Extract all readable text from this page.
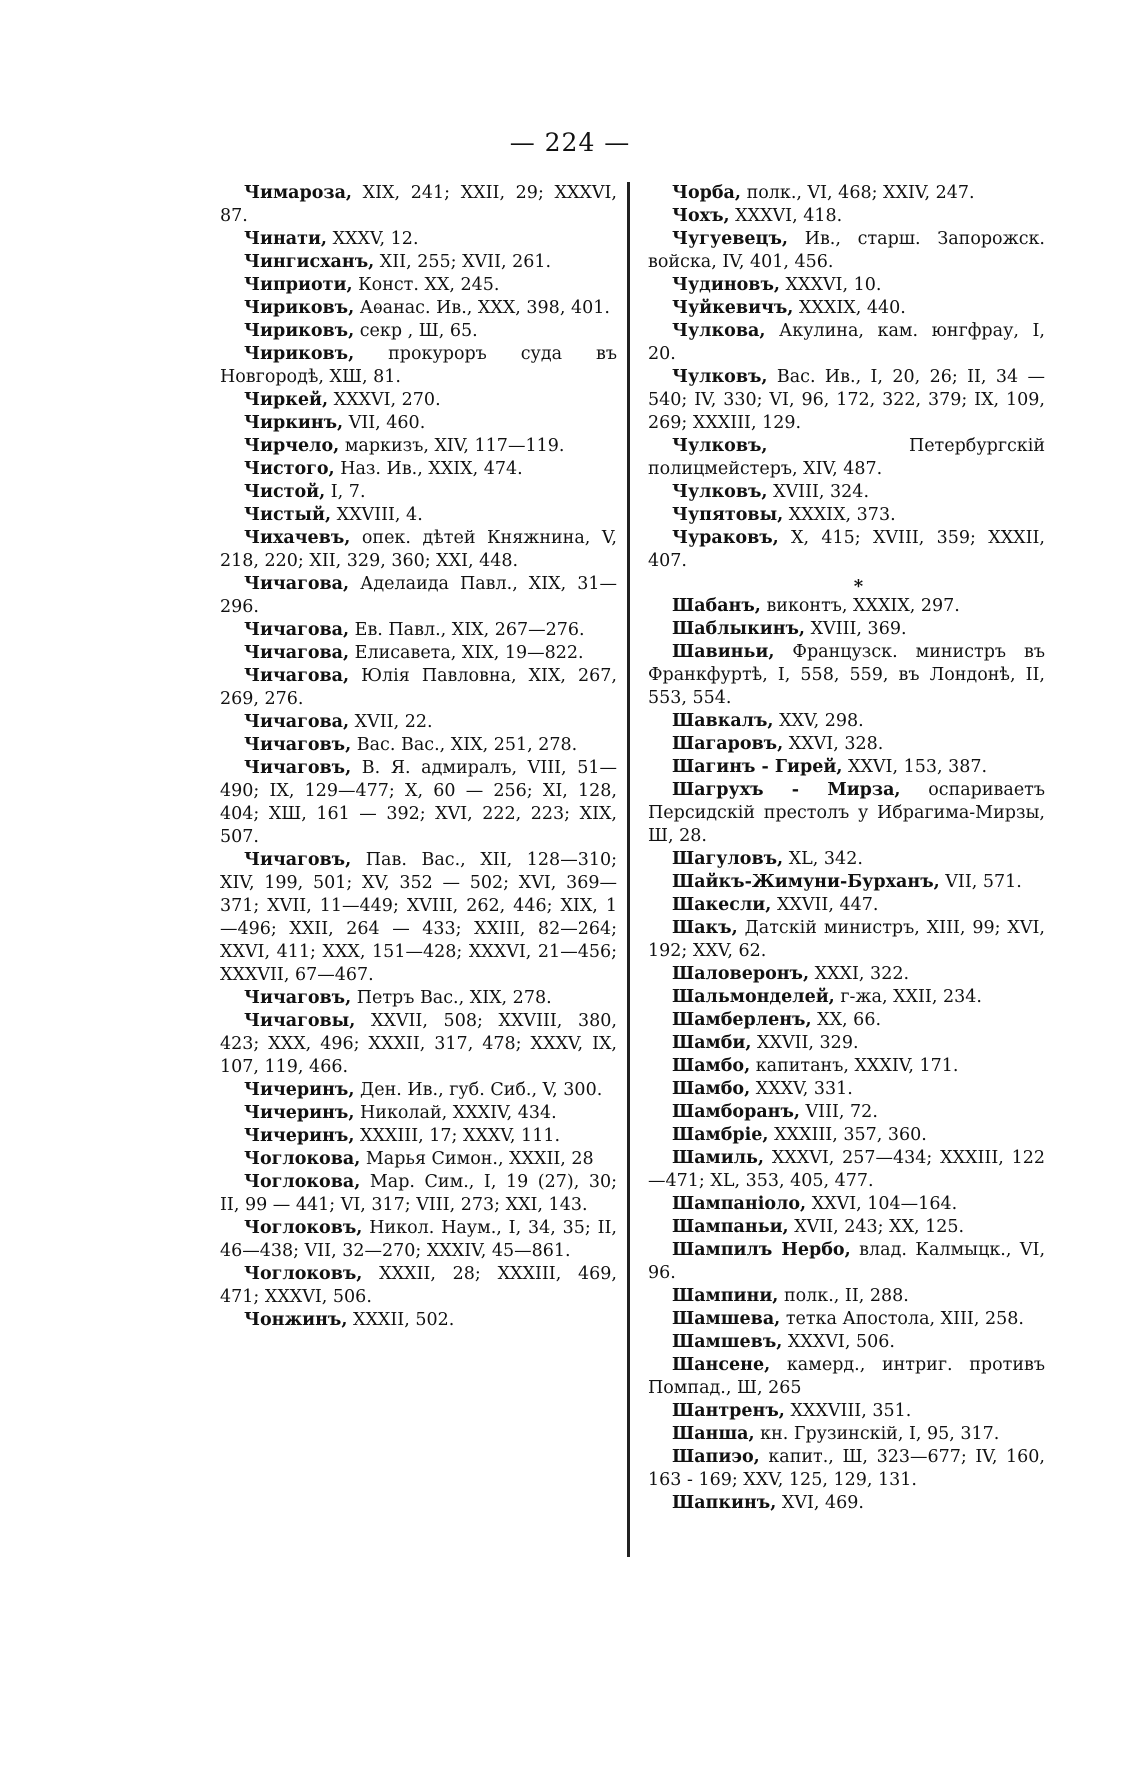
— 224 —

Чимароза, XIX, 241; XXII, 29; XXXVI, 87.

Чинати, XXXV, 12.

Чингисханъ, XII, 255; XVII, 261.

Чиприоти, Конст. XX, 245.

Чириковъ, Аѳанас. Ив., XXX, 398, 401.

Чириковъ, секр , Ш, 65.

Чириковъ, прокуроръ суда въ Новгородѣ, ХШ, 81.

Чиркей, XXXVI, 270.

Чиркинъ, VII, 460.

Чирчело, маркизъ, XIV, 117—119.

Чистого, Наз. Ив., XXIX, 474.

Чистой, I, 7.

Чистый, XXVIII, 4.

Чихачевъ, опек. дѣтей Княжнина, V, 218, 220; XII, 329, 360; XXI, 448.

Чичагова, Аделаида Павл., XIX, 31—296.

Чичагова, Ев. Павл., XIX, 267—276.

Чичагова, Елисавета, XIX, 19—822.

Чичагова, Юлія Павловна, XIX, 267, 269, 276.

Чичагова, XVII, 22.

Чичаговъ, Вас. Вас., XIX, 251, 278.

Чичаговъ, В. Я. адмиралъ, VIII, 51—490; IX, 129—477; X, 60 — 256; XI, 128, 404; ХШ, 161 — 392; XVI, 222, 223; XIX, 507.

Чичаговъ, Пав. Вас., XII, 128—310; XIV, 199, 501; XV, 352 — 502; XVI, 369—371; XVII, 11—449; XVIII, 262, 446; XIX, 1—496; XXII, 264 — 433; XXIII, 82—264; XXVI, 411; XXX, 151—428; XXXVI, 21—456; XXXVII, 67—467.

Чичаговъ, Петръ Вас., XIX, 278.

Чичаговы, XXVII, 508; XXVIII, 380, 423; XXX, 496; XXXII, 317, 478; XXXV, IX, 107, 119, 466.

Чичеринъ, Ден. Ив., губ. Сиб., V, 300.

Чичеринъ, Николай, XXXIV, 434.

Чичеринъ, XXXIII, 17; XXXV, 111.

Чоглокова, Марья Симон., XXXII, 28

Чоглокова, Мар. Сим., I, 19 (27), 30; II, 99 — 441; VI, 317; VIII, 273; XXI, 143.

Чоглоковъ, Никол. Наум., I, 34, 35; II, 46—438; VII, 32—270; XXXIV, 45—861.

Чоглоковъ, XXXII, 28; XXXIII, 469, 471; XXXVI, 506.

Чонжинъ, XXXII, 502.

Чорба, полк., VI, 468; XXIV, 247.

Чохъ, XXXVI, 418.

Чугуевецъ, Ив., старш. Запорожск. войска, IV, 401, 456.

Чудиновъ, XXXVI, 10.

Чуйкевичъ, XXXIX, 440.

Чулкова, Акулина, кам. юнгфрау, I, 20.

Чулковъ, Вас. Ив., I, 20, 26; II, 34 — 540; IV, 330; VI, 96, 172, 322, 379; IX, 109, 269; XXXIII, 129.

Чулковъ, Петербургскій полицмейстеръ, XIV, 487.

Чулковъ, XVIII, 324.

Чупятовы, XXXIX, 373.

Чураковъ, X, 415; XVIII, 359; XXXII, 407.

*

Шабанъ, виконтъ, XXXIX, 297.

Шаблыкинъ, XVIII, 369.

Шавиньи, Французск. министръ въ Франкфуртѣ, I, 558, 559, въ Лондонѣ, II, 553, 554.

Шавкалъ, XXV, 298.

Шагаровъ, XXVI, 328.

Шагинъ - Гирей, XXVI, 153, 387.

Шагрухъ - Мирза, оспариваетъ Персидскій престолъ у Ибрагима-Мирзы, Ш, 28.

Шагуловъ, XL, 342.

Шайкъ-Жимуни-Бурханъ, VII, 571.

Шакесли, XXVII, 447.

Шакъ, Датскій министръ, XIII, 99; XVI, 192; XXV, 62.

Шаловеронъ, XXXI, 322.

Шальмонделей, г-жа, XXII, 234.

Шамберленъ, XX, 66.

Шамби, XXVII, 329.

Шамбо, капитанъ, XXXIV, 171.

Шамбо, XXXV, 331.

Шамборанъ, VIII, 72.

Шамбріе, XXXIII, 357, 360.

Шамиль, XXXVI, 257—434; XXXIII, 122—471; XL, 353, 405, 477.

Шампаніоло, XXVI, 104—164.

Шампаньи, XVII, 243; XX, 125.

Шампилъ Нербо, влад. Калмыцк., VI, 96.

Шампини, полк., II, 288.

Шамшева, тетка Апостола, XIII, 258.

Шамшевъ, XXXVI, 506.

Шансене, камерд., интриг. противъ Помпад., Ш, 265

Шантренъ, XXXVIII, 351.

Шанша, кн. Грузинскій, I, 95, 317.

Шапиэо, капит., Ш, 323—677; IV, 160, 163 - 169; XXV, 125, 129, 131.

Шапкинъ, XVI, 469.
